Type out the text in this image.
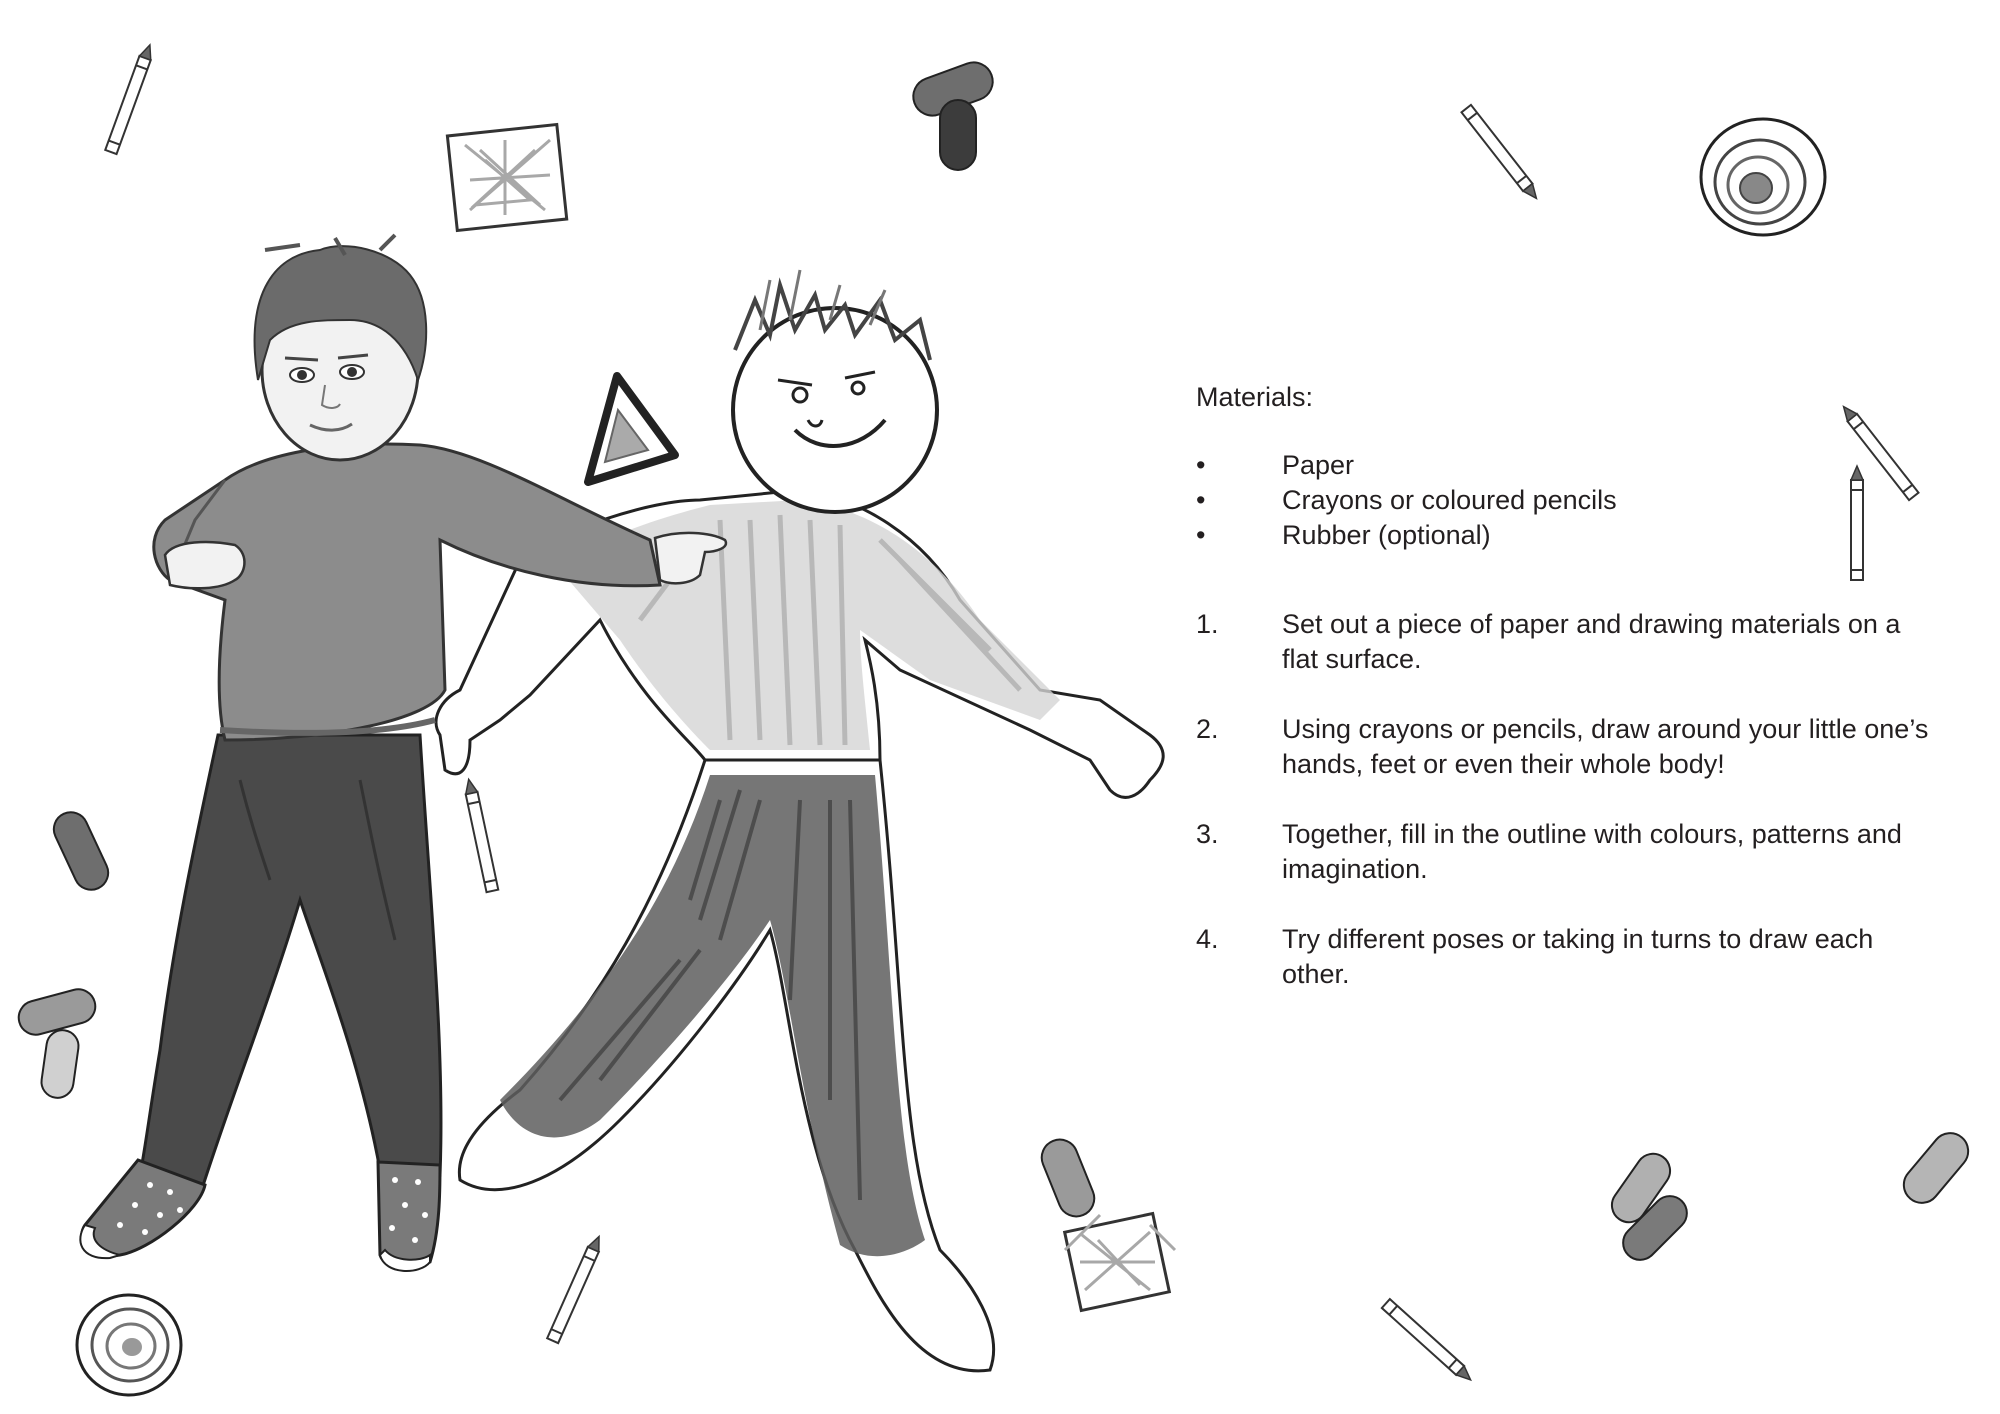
Materials:

•	Paper
•	Crayons or coloured pencils
•	Rubber (optional)
1.	Set out a piece of paper and drawing materials on a flat surface.
2.	Using crayons or pencils, draw around your little one’s hands, feet or even their whole body!
3.	Together, fill in the outline with colours, patterns and imagination.
4.	Try different poses or taking in turns to draw each other.
